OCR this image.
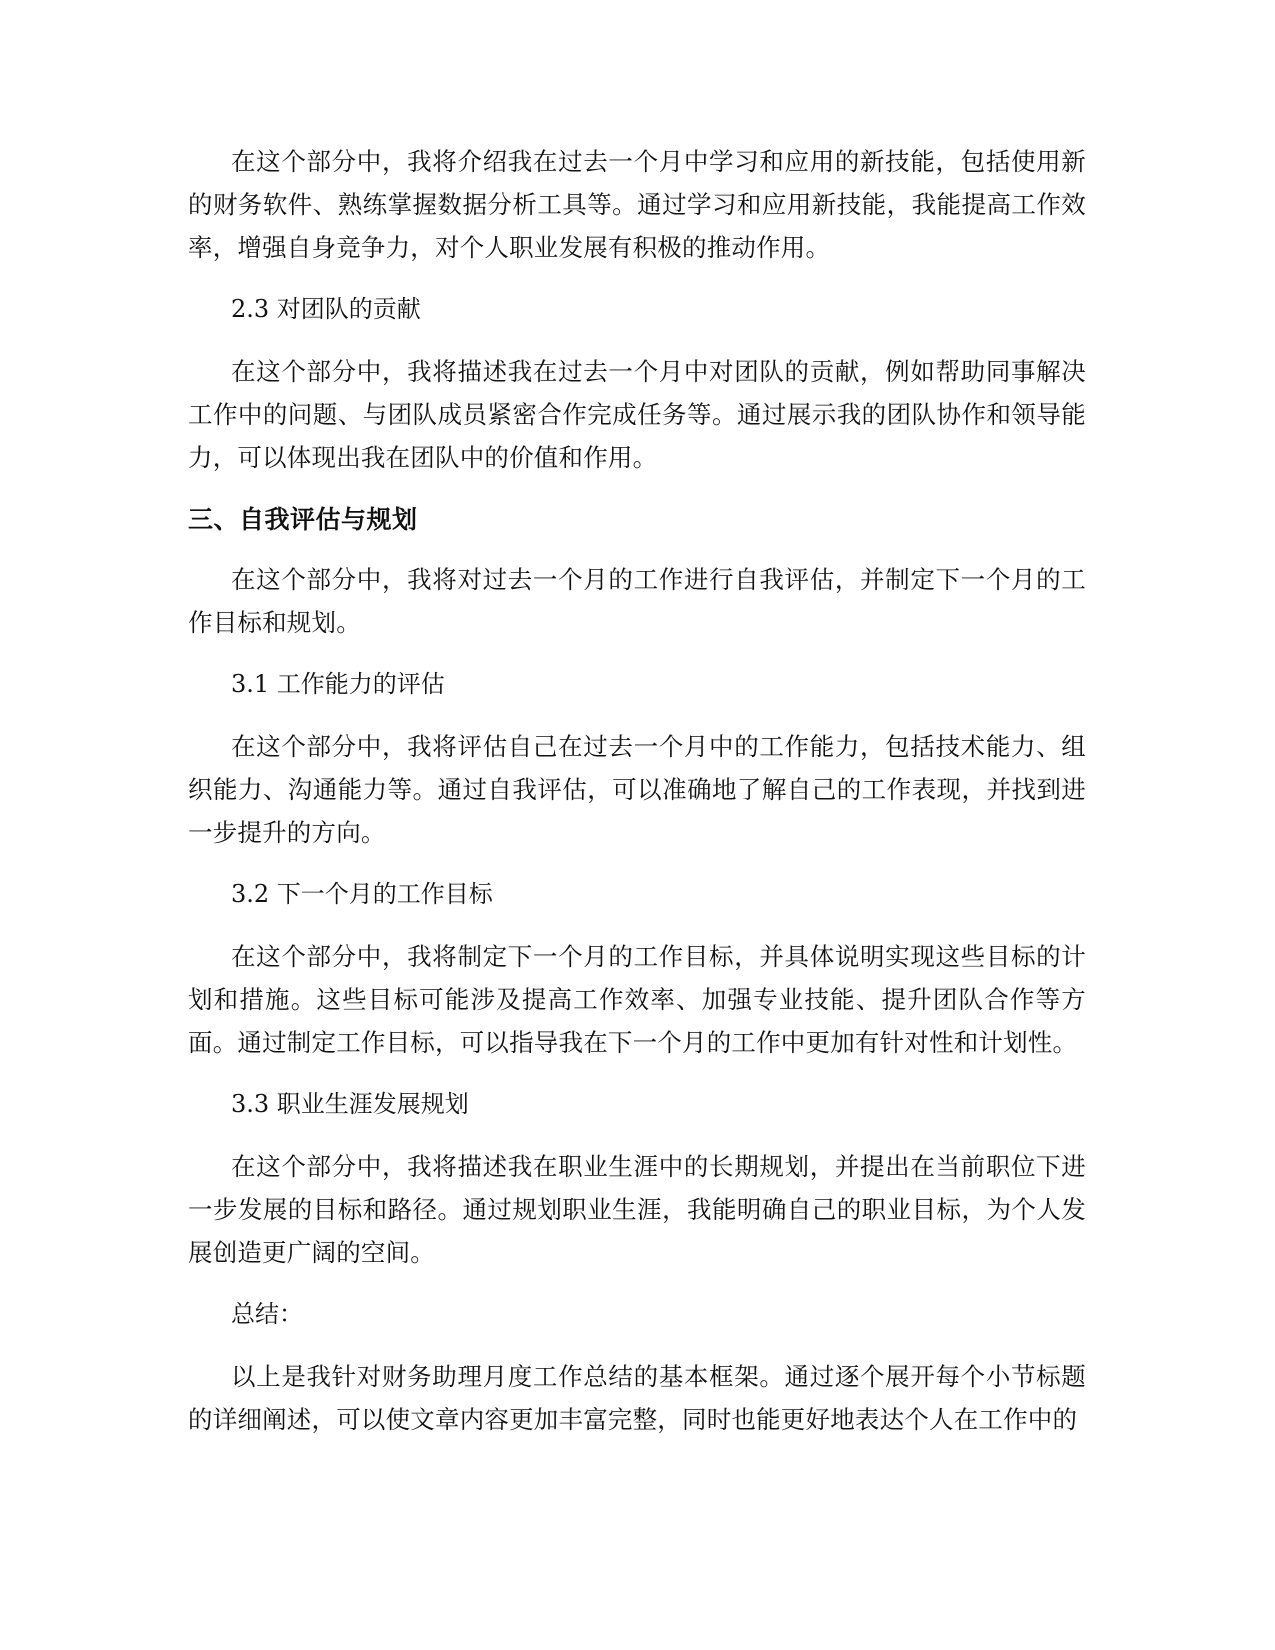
在这个部分中，我将介绍我在过去一个月中学习和应用的新技能，包括使用新的财务软件、熟练掌握数据分析工具等。通过学习和应用新技能，我能提高工作效率，增强自身竞争力，对个人职业发展有积极的推动作用。

2.3 对团队的贡献

在这个部分中，我将描述我在过去一个月中对团队的贡献，例如帮助同事解决工作中的问题、与团队成员紧密合作完成任务等。通过展示我的团队协作和领导能力，可以体现出我在团队中的价值和作用。

三、自我评估与规划

在这个部分中，我将对过去一个月的工作进行自我评估，并制定下一个月的工作目标和规划。

3.1 工作能力的评估

在这个部分中，我将评估自己在过去一个月中的工作能力，包括技术能力、组织能力、沟通能力等。通过自我评估，可以准确地了解自己的工作表现，并找到进一步提升的方向。

3.2 下一个月的工作目标

在这个部分中，我将制定下一个月的工作目标，并具体说明实现这些目标的计划和措施。这些目标可能涉及提高工作效率、加强专业技能、提升团队合作等方面。通过制定工作目标，可以指导我在下一个月的工作中更加有针对性和计划性。

3.3 职业生涯发展规划

在这个部分中，我将描述我在职业生涯中的长期规划，并提出在当前职位下进一步发展的目标和路径。通过规划职业生涯，我能明确自己的职业目标，为个人发展创造更广阔的空间。

总结：

以上是我针对财务助理月度工作总结的基本框架。通过逐个展开每个小节标题的详细阐述，可以使文章内容更加丰富完整，同时也能更好地表达个人在工作中的
